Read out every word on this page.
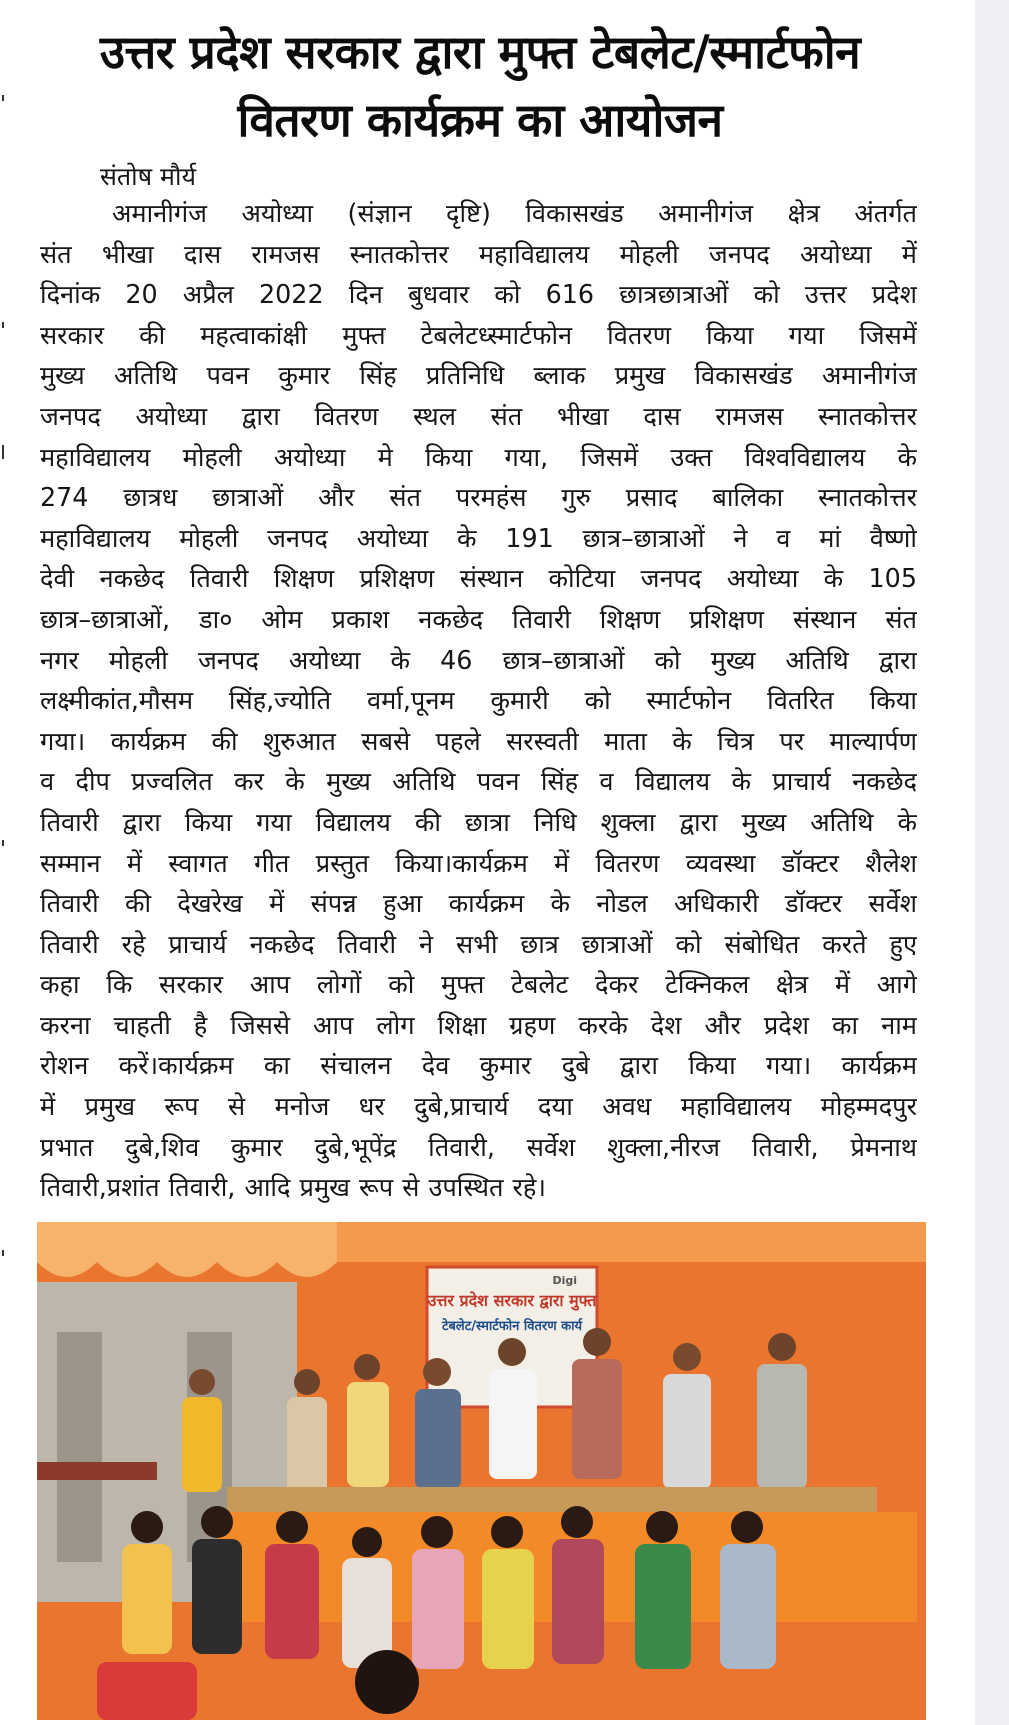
उत्तर प्रदेश सरकार द्वारा मुफ्त टेबलेट/स्मार्टफोन
वितरण कार्यक्रम का आयोजन
संतोष मौर्य
अमानीगंज अयोध्या (संज्ञान दृष्टि) विकासखंड अमानीगंज क्षेत्र अंतर्गत
संत भीखा दास रामजस स्नातकोत्तर महाविद्यालय मोहली जनपद अयोध्या में
दिनांक 20 अप्रैल 2022 दिन बुधवार को 616 छात्रछात्राओं को उत्तर प्रदेश
सरकार की महत्वाकांक्षी मुफ्त टेबलेटध्स्मार्टफोन वितरण किया गया जिसमें
मुख्य अतिथि पवन कुमार सिंह प्रतिनिधि ब्लाक प्रमुख विकासखंड अमानीगंज
जनपद अयोध्या द्वारा वितरण स्थल संत भीखा दास रामजस स्नातकोत्तर
महाविद्यालय मोहली अयोध्या मे किया गया, जिसमें उक्त विश्वविद्यालय के
274 छात्रध छात्राओं और संत परमहंस गुरु प्रसाद बालिका स्नातकोत्तर
महाविद्यालय मोहली जनपद अयोध्या के 191 छात्र–छात्राओं ने व मां वैष्णो
देवी नकछेद तिवारी शिक्षण प्रशिक्षण संस्थान कोटिया जनपद अयोध्या के 105
छात्र–छात्राओं, डा० ओम प्रकाश नकछेद तिवारी शिक्षण प्रशिक्षण संस्थान संत
नगर मोहली जनपद अयोध्या के 46 छात्र–छात्राओं को मुख्य अतिथि द्वारा
लक्ष्मीकांत,मौसम सिंह,ज्योति वर्मा,पूनम कुमारी को स्मार्टफोन वितरित किया
गया। कार्यक्रम की शुरुआत सबसे पहले सरस्वती माता के चित्र पर माल्यार्पण
व दीप प्रज्वलित कर के मुख्य अतिथि पवन सिंह व विद्यालय के प्राचार्य नकछेद
तिवारी द्वारा किया गया विद्यालय की छात्रा निधि शुक्ला द्वारा मुख्य अतिथि के
सम्मान में स्वागत गीत प्रस्तुत किया।कार्यक्रम में वितरण व्यवस्था डॉक्टर शैलेश
तिवारी की देखरेख में संपन्न हुआ कार्यक्रम के नोडल अधिकारी डॉक्टर सर्वेश
तिवारी रहे प्राचार्य नकछेद तिवारी ने सभी छात्र छात्राओं को संबोधित करते हुए
कहा कि सरकार आप लोगों को मुफ्त टेबलेट देकर टेक्निकल क्षेत्र में आगे
करना चाहती है जिससे आप लोग शिक्षा ग्रहण करके देश और प्रदेश का नाम
रोशन करें।कार्यक्रम का संचालन देव कुमार दुबे द्वारा किया गया। कार्यक्रम
में प्रमुख रूप से मनोज धर दुबे,प्राचार्य दया अवध महाविद्यालय मोहम्मदपुर
प्रभात दुबे,शिव कुमार दुबे,भूपेंद्र तिवारी, सर्वेश शुक्ला,नीरज तिवारी, प्रेमनाथ
तिवारी,प्रशांत तिवारी, आदि प्रमुख रूप से उपस्थित रहे।
Digi
उत्तर प्रदेश सरकार द्वारा मुफ्त
टेबलेट/स्मार्टफोन वितरण कार्य
